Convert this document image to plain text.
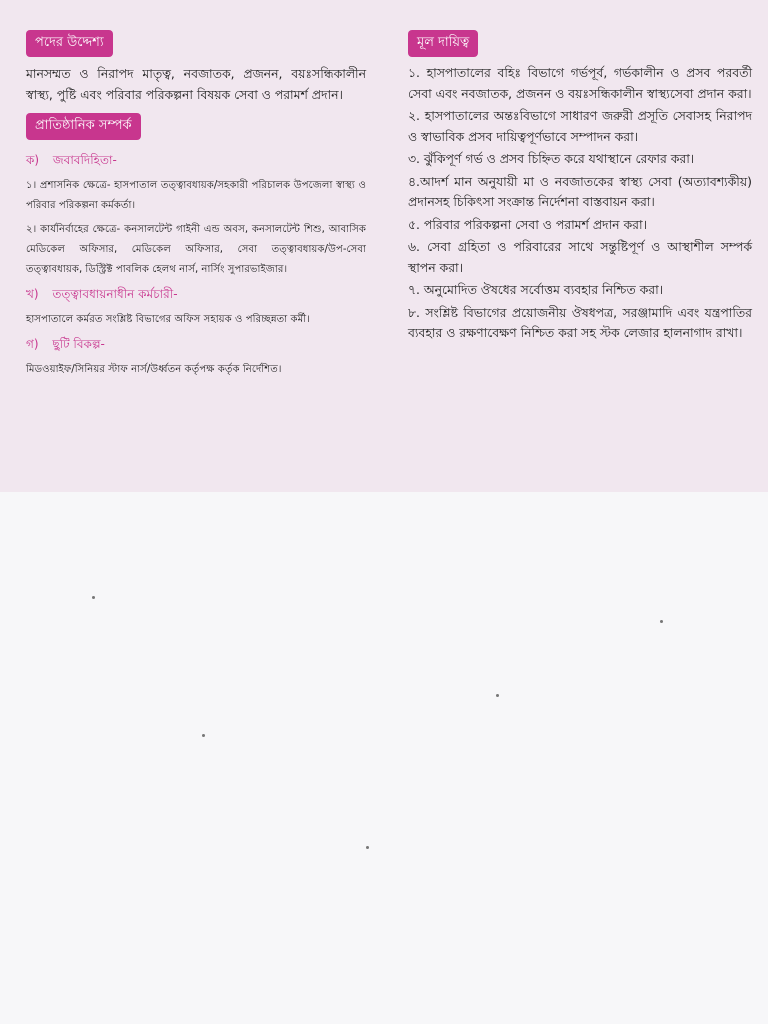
পদের উদ্দেশ্য

মানসম্মত ও নিরাপদ মাতৃত্ব, নবজাতক, প্রজনন, বয়ঃসন্ধিকালীন স্বাস্থ্য, পুষ্টি এবং পরিবার পরিকল্পনা বিষয়ক সেবা ও পরামর্শ প্রদান।

প্রাতিষ্ঠানিক সম্পর্ক
ক) জবাবদিহিতা-

১। প্রশাসনিক ক্ষেত্রে- হাসপাতাল তত্ত্বাবধায়ক/সহকারী পরিচালক উপজেলা স্বাস্থ্য ও পরিবার পরিকল্পনা কর্মকর্তা।

২। কার্যনির্বাহের ক্ষেত্রে- কনসালটেন্ট গাইনী এন্ড অবস, কনসালটেন্ট শিশু, আবাসিক মেডিকেল অফিসার, মেডিকেল অফিসার, সেবা তত্ত্বাবধায়ক/উপ-সেবা তত্ত্বাবধায়ক, ডিস্ট্রিক্ট পাবলিক হেলথ নার্স, নার্সিং সুপারভাইজার।

খ) তত্ত্বাবধায়নাধীন কর্মচারী-

হাসপাতালে কর্মরত সংশ্লিষ্ট বিভাগের অফিস সহায়ক ও পরিচ্ছন্নতা কর্মী।

গ) ছুটি বিকল্প-

মিডওয়াইফ/সিনিয়র স্টাফ নার্স/উর্ধ্বতন কর্তৃপক্ষ কর্তৃক নির্দেশিত।

মূল দায়িত্ব
১. হাসপাতালের বহিঃ বিভাগে গর্ভপূর্ব, গর্ভকালীন ও প্রসব পরবর্তী সেবা এবং নবজাতক, প্রজনন ও বয়ঃসন্ধিকালীন স্বাস্থ্যসেবা প্রদান করা।
২. হাসপাতালের অন্তঃবিভাগে সাধারণ জরুরী প্রসূতি সেবাসহ নিরাপদ ও স্বাভাবিক প্রসব দায়িত্বপূর্ণভাবে সম্পাদন করা।
৩. ঝুঁকিপূর্ণ গর্ভ ও প্রসব চিহ্নিত করে যথাস্থানে রেফার করা।
৪.আদর্শ মান অনুযায়ী মা ও নবজাতকের স্বাস্থ্য সেবা (অত্যাবশ্যকীয়) প্রদানসহ চিকিৎসা সংক্রান্ত নির্দেশনা বাস্তবায়ন করা।
৫. পরিবার পরিকল্পনা সেবা ও পরামর্শ প্রদান করা।
৬. সেবা গ্রহিতা ও পরিবারের সাথে সন্তুষ্টিপূর্ণ ও আস্থাশীল সম্পর্ক স্থাপন করা।
৭. অনুমোদিত ঔষধের সর্বোত্তম ব্যবহার নিশ্চিত করা।
৮. সংশ্লিষ্ট বিভাগের প্রয়োজনীয় ঔষধপত্র, সরঞ্জামাদি এবং যন্ত্রপাতির ব্যবহার ও রক্ষণাবেক্ষণ নিশ্চিত করা সহ স্টক লেজার হালনাগাদ রাখা।
